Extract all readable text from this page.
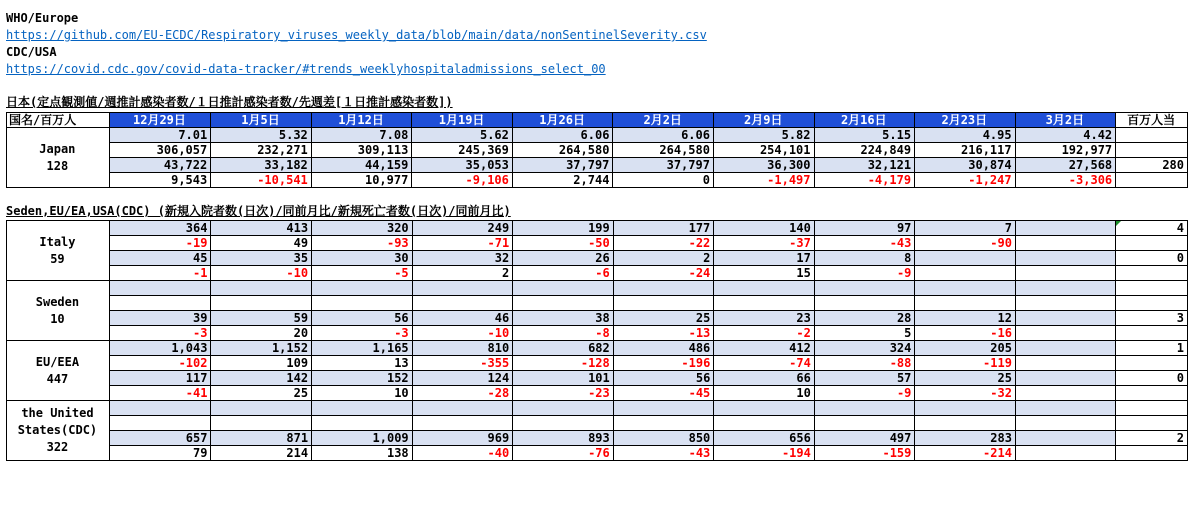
WHO/Europe
https://github.com/EU-ECDC/Respiratory_viruses_weekly_data/blob/main/data/nonSentinelSeverity.csv
CDC/USA
https://covid.cdc.gov/covid-data-tracker/#trends_weeklyhospitaladmissions_select_00
日本(定点観測値/週推計感染者数/１日推計感染者数/先週差[１日推計感染者数])
国名/百万人	12月29日	1月5日	1月12日	1月19日	1月26日	2月2日	2月9日	2月16日	2月23日	3月2日	百万人当

Japan
128	7.01	5.32	7.08	5.62	6.06	6.06	5.82	5.15	4.95	4.42	
	306,057	232,271	309,113	245,369	264,580	264,580	254,101	224,849	216,117	192,977	
	43,722	33,182	44,159	35,053	37,797	37,797	36,300	32,121	30,874	27,568	280
	9,543	-10,541	10,977	-9,106	2,744	0	-1,497	-4,179	-1,247	-3,306	
Seden,EU/EA,USA(CDC) (新規入院者数(日次)/同前月比/新規死亡者数(日次)/同前月比)
Italy
59	364	413	320	249	199	177	140	97	7		4
	-19	49	-93	-71	-50	-22	-37	-43	-90		
	45	35	30	32	26	2	17	8			0
	-1	-10	-5	2	-6	-24	15	-9			

Sweden
10											

	39	59	56	46	38	25	23	28	12		3
	-3	20	-3	-10	-8	-13	-2	5	-16		

EU/EEA
447	1,043	1,152	1,165	810	682	486	412	324	205		1
	-102	109	13	-355	-128	-196	-74	-88	-119		
	117	142	152	124	101	56	66	57	25		0
	-41	25	10	-28	-23	-45	10	-9	-32		

the United States(CDC)
322											

	657	871	1,009	969	893	850	656	497	283		2
	79	214	138	-40	-76	-43	-194	-159	-214		
